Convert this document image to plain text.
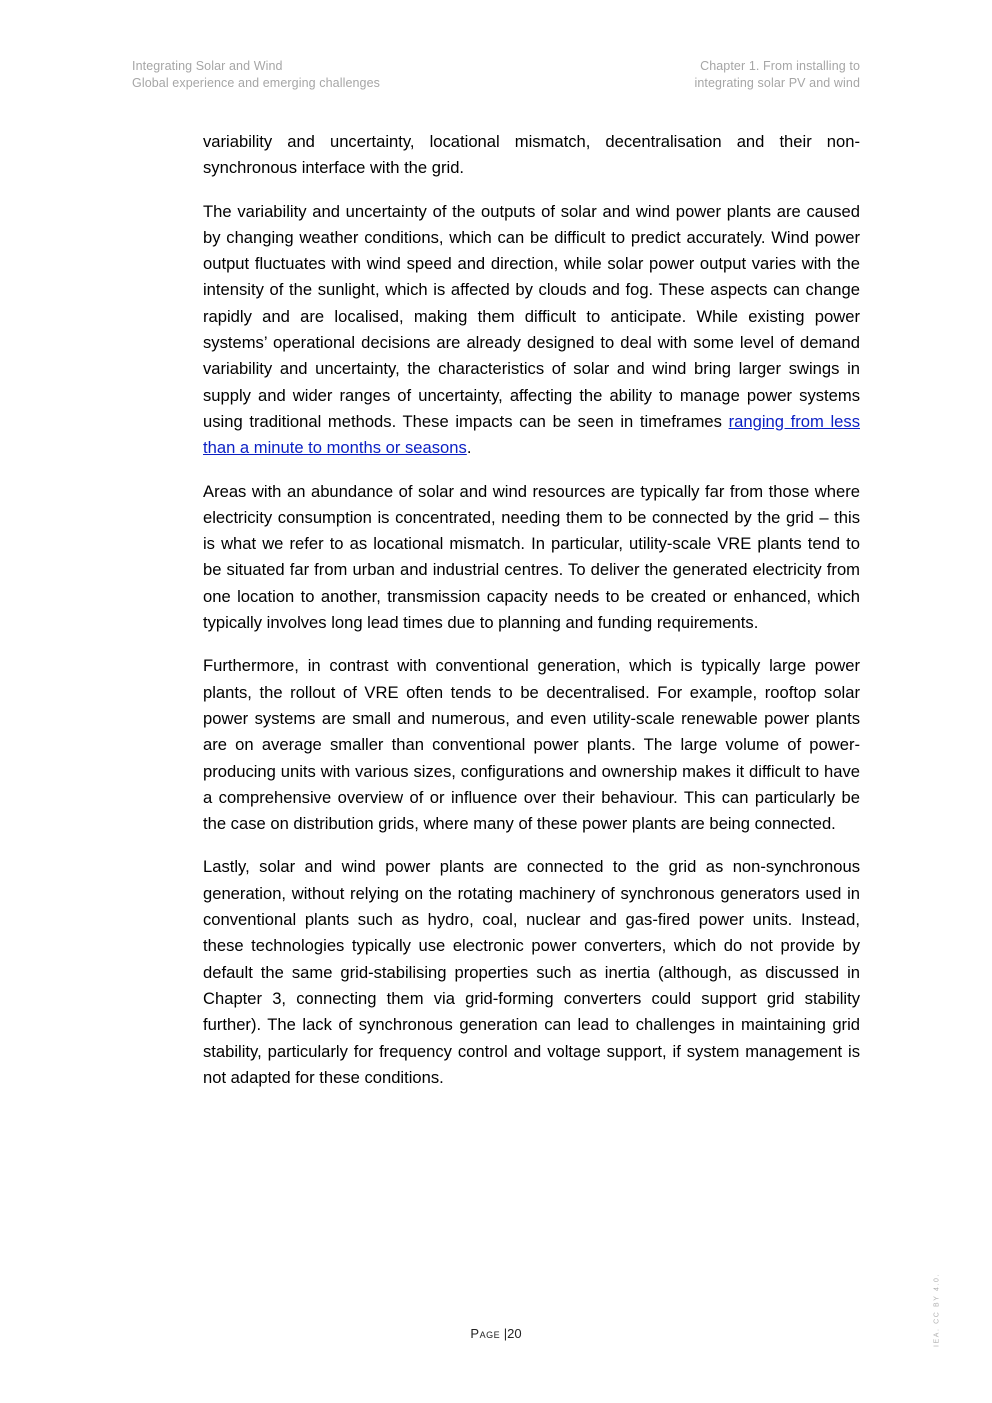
Integrating Solar and Wind
Global experience and emerging challenges
Chapter 1. From installing to
integrating solar PV and wind

variability and uncertainty, locational mismatch, decentralisation and their non-synchronous interface with the grid.

The variability and uncertainty of the outputs of solar and wind power plants are caused by changing weather conditions, which can be difficult to predict accurately. Wind power output fluctuates with wind speed and direction, while solar power output varies with the intensity of the sunlight, which is affected by clouds and fog. These aspects can change rapidly and are localised, making them difficult to anticipate. While existing power systems’ operational decisions are already designed to deal with some level of demand variability and uncertainty, the characteristics of solar and wind bring larger swings in supply and wider ranges of uncertainty, affecting the ability to manage power systems using traditional methods. These impacts can be seen in timeframes ranging from less than a minute to months or seasons.

Areas with an abundance of solar and wind resources are typically far from those where electricity consumption is concentrated, needing them to be connected by the grid – this is what we refer to as locational mismatch. In particular, utility-scale VRE plants tend to be situated far from urban and industrial centres. To deliver the generated electricity from one location to another, transmission capacity needs to be created or enhanced, which typically involves long lead times due to planning and funding requirements.

Furthermore, in contrast with conventional generation, which is typically large power plants, the rollout of VRE often tends to be decentralised. For example, rooftop solar power systems are small and numerous, and even utility-scale renewable power plants are on average smaller than conventional power plants. The large volume of power-producing units with various sizes, configurations and ownership makes it difficult to have a comprehensive overview of or influence over their behaviour. This can particularly be the case on distribution grids, where many of these power plants are being connected.

Lastly, solar and wind power plants are connected to the grid as non-synchronous generation, without relying on the rotating machinery of synchronous generators used in conventional plants such as hydro, coal, nuclear and gas-fired power units. Instead, these technologies typically use electronic power converters, which do not provide by default the same grid-stabilising properties such as inertia (although, as discussed in Chapter 3, connecting them via grid-forming converters could support grid stability further). The lack of synchronous generation can lead to challenges in maintaining grid stability, particularly for frequency control and voltage support, if system management is not adapted for these conditions.

Page |20	IEA. CC BY 4.0.
